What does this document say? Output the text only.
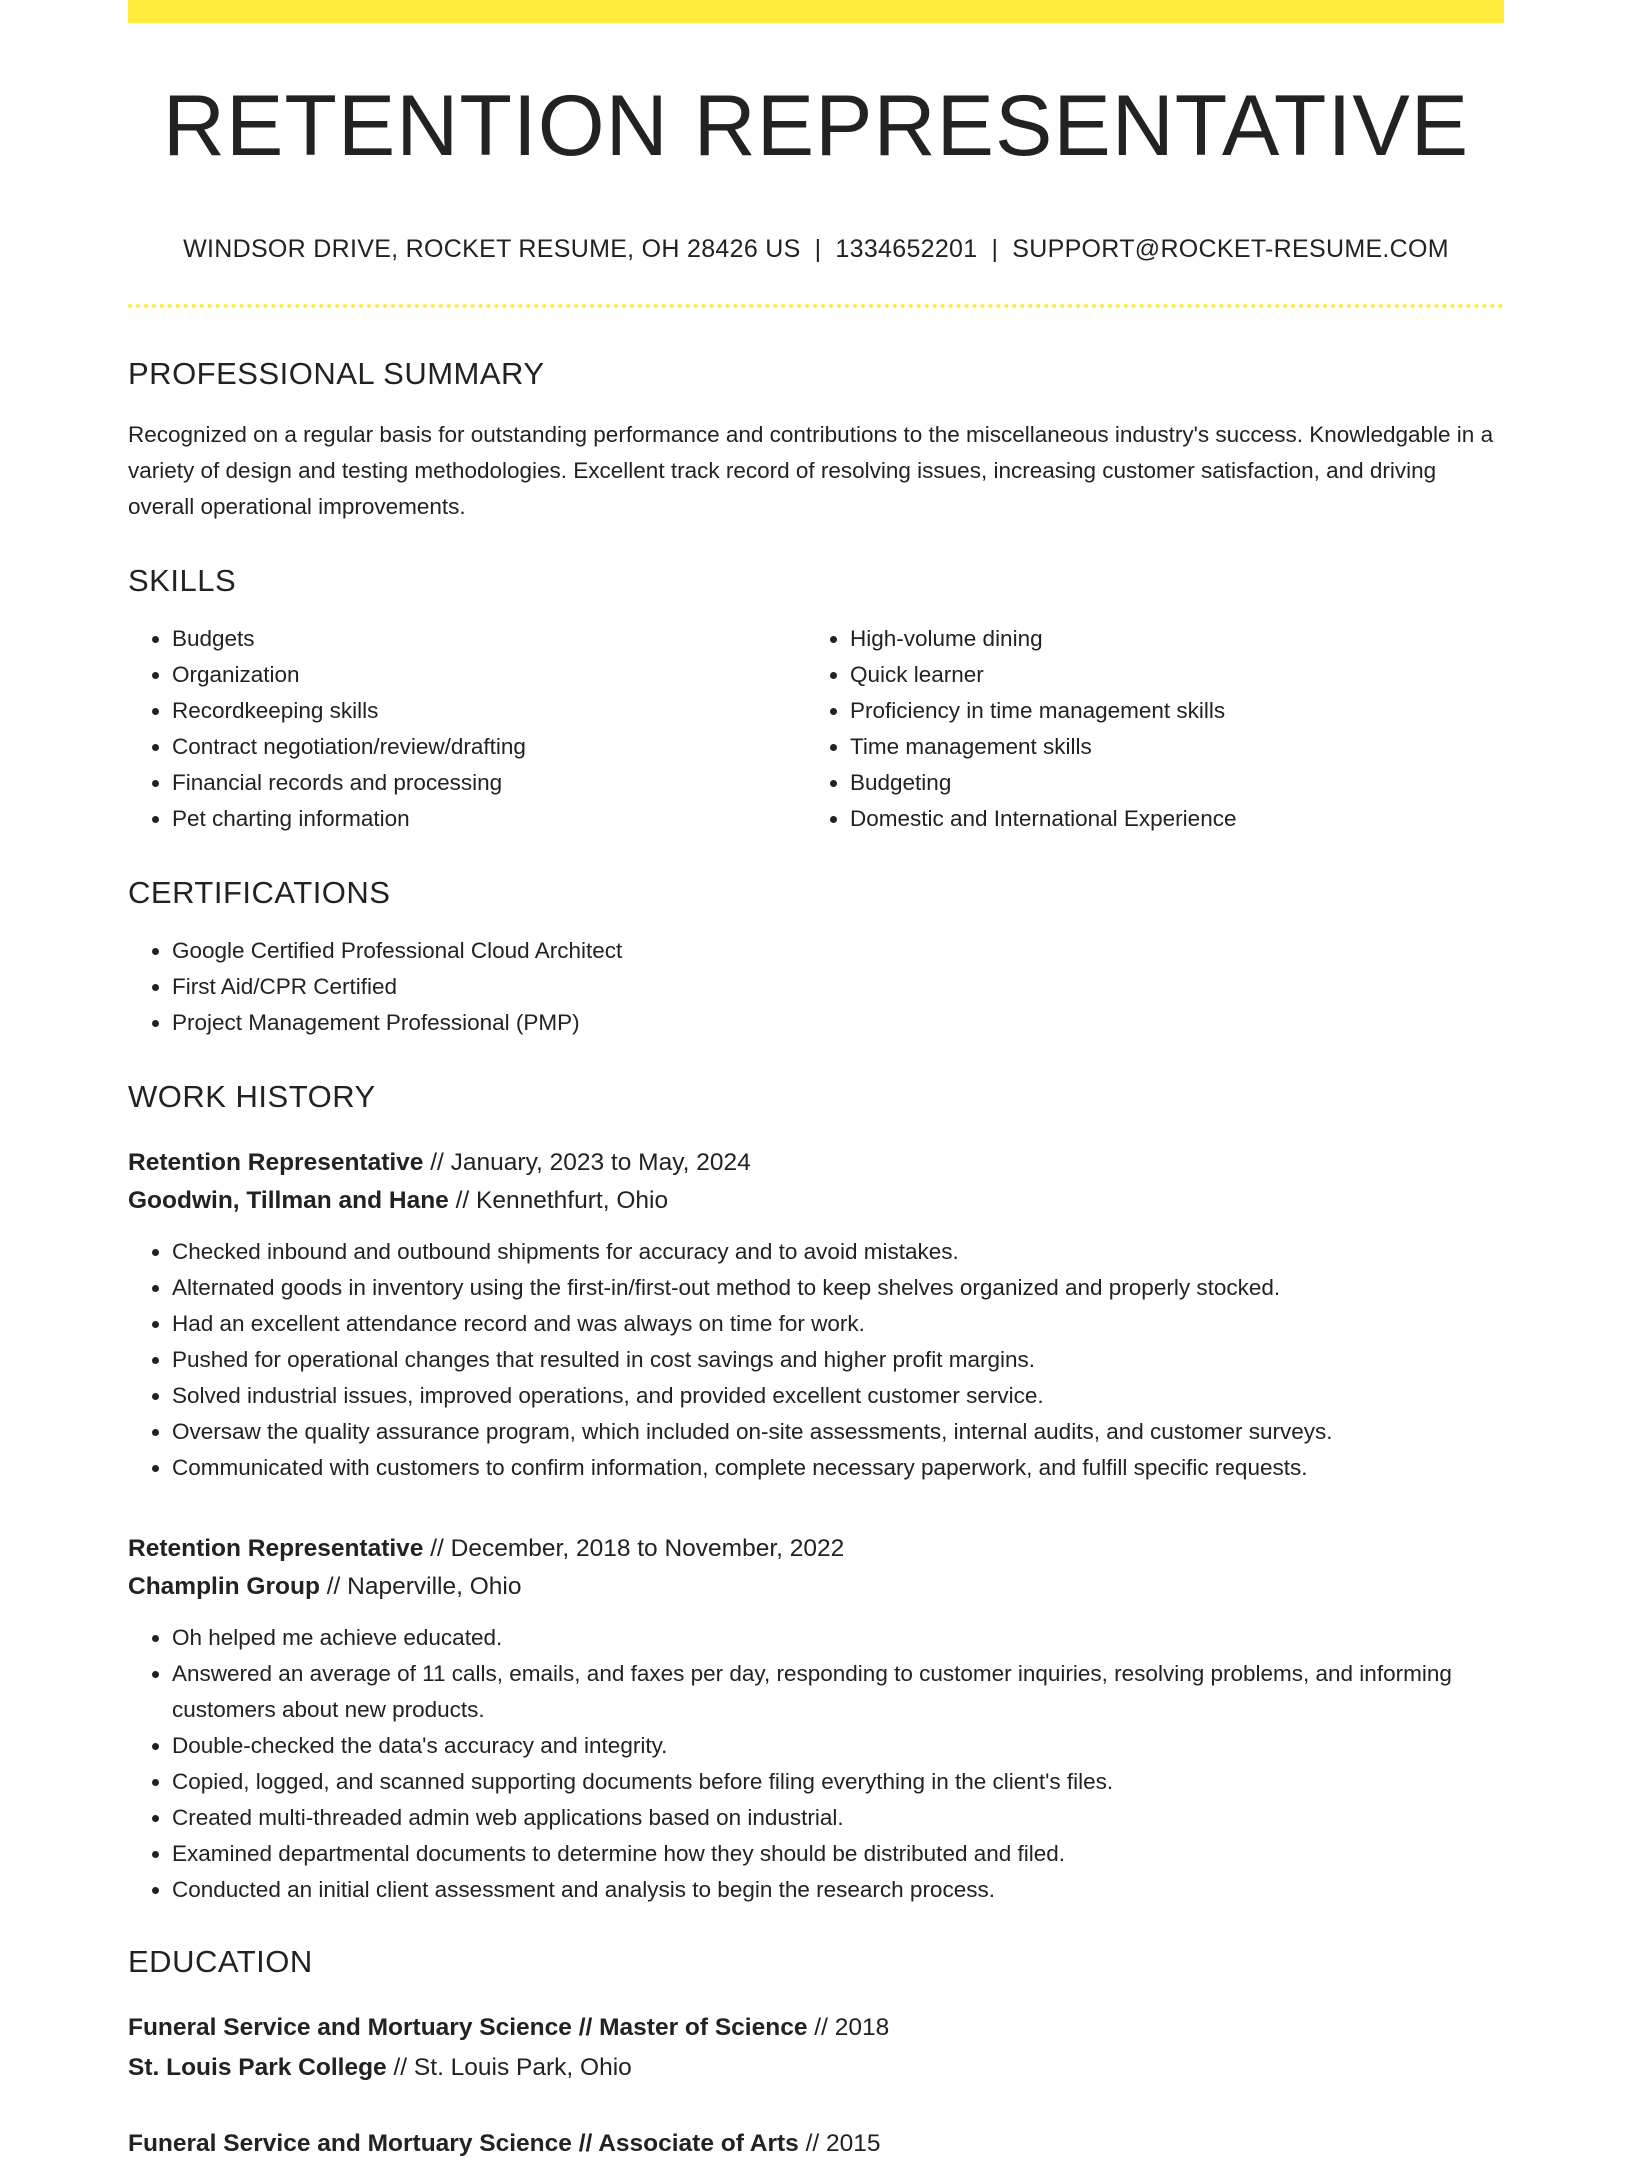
RETENTION REPRESENTATIVE
WINDSOR DRIVE, ROCKET RESUME, OH 28426 US | 1334652201 | SUPPORT@ROCKET-RESUME.COM
PROFESSIONAL SUMMARY

Recognized on a regular basis for outstanding performance and contributions to the miscellaneous industry's success. Knowledgable in a variety of design and testing methodologies. Excellent track record of resolving issues, increasing customer satisfaction, and driving overall operational improvements.

SKILLS
• Budgets
• Organization
• Recordkeeping skills
• Contract negotiation/review/drafting
• Financial records and processing
• Pet charting information
• High-volume dining
• Quick learner
• Proficiency in time management skills
• Time management skills
• Budgeting
• Domestic and International Experience
CERTIFICATIONS
• Google Certified Professional Cloud Architect
• First Aid/CPR Certified
• Project Management Professional (PMP)
WORK HISTORY
Retention Representative // January, 2023 to May, 2024
Goodwin, Tillman and Hane // Kennethfurt, Ohio
• Checked inbound and outbound shipments for accuracy and to avoid mistakes.
• Alternated goods in inventory using the first-in/first-out method to keep shelves organized and properly stocked.
• Had an excellent attendance record and was always on time for work.
• Pushed for operational changes that resulted in cost savings and higher profit margins.
• Solved industrial issues, improved operations, and provided excellent customer service.
• Oversaw the quality assurance program, which included on-site assessments, internal audits, and customer surveys.
• Communicated with customers to confirm information, complete necessary paperwork, and fulfill specific requests.
Retention Representative // December, 2018 to November, 2022
Champlin Group // Naperville, Ohio
• Oh helped me achieve educated.
• Answered an average of 11 calls, emails, and faxes per day, responding to customer inquiries, resolving problems, and informing customers about new products.
• Double-checked the data's accuracy and integrity.
• Copied, logged, and scanned supporting documents before filing everything in the client's files.
• Created multi-threaded admin web applications based on industrial.
• Examined departmental documents to determine how they should be distributed and filed.
• Conducted an initial client assessment and analysis to begin the research process.
EDUCATION
Funeral Service and Mortuary Science // Master of Science // 2018
St. Louis Park College // St. Louis Park, Ohio
Funeral Service and Mortuary Science // Associate of Arts // 2015
